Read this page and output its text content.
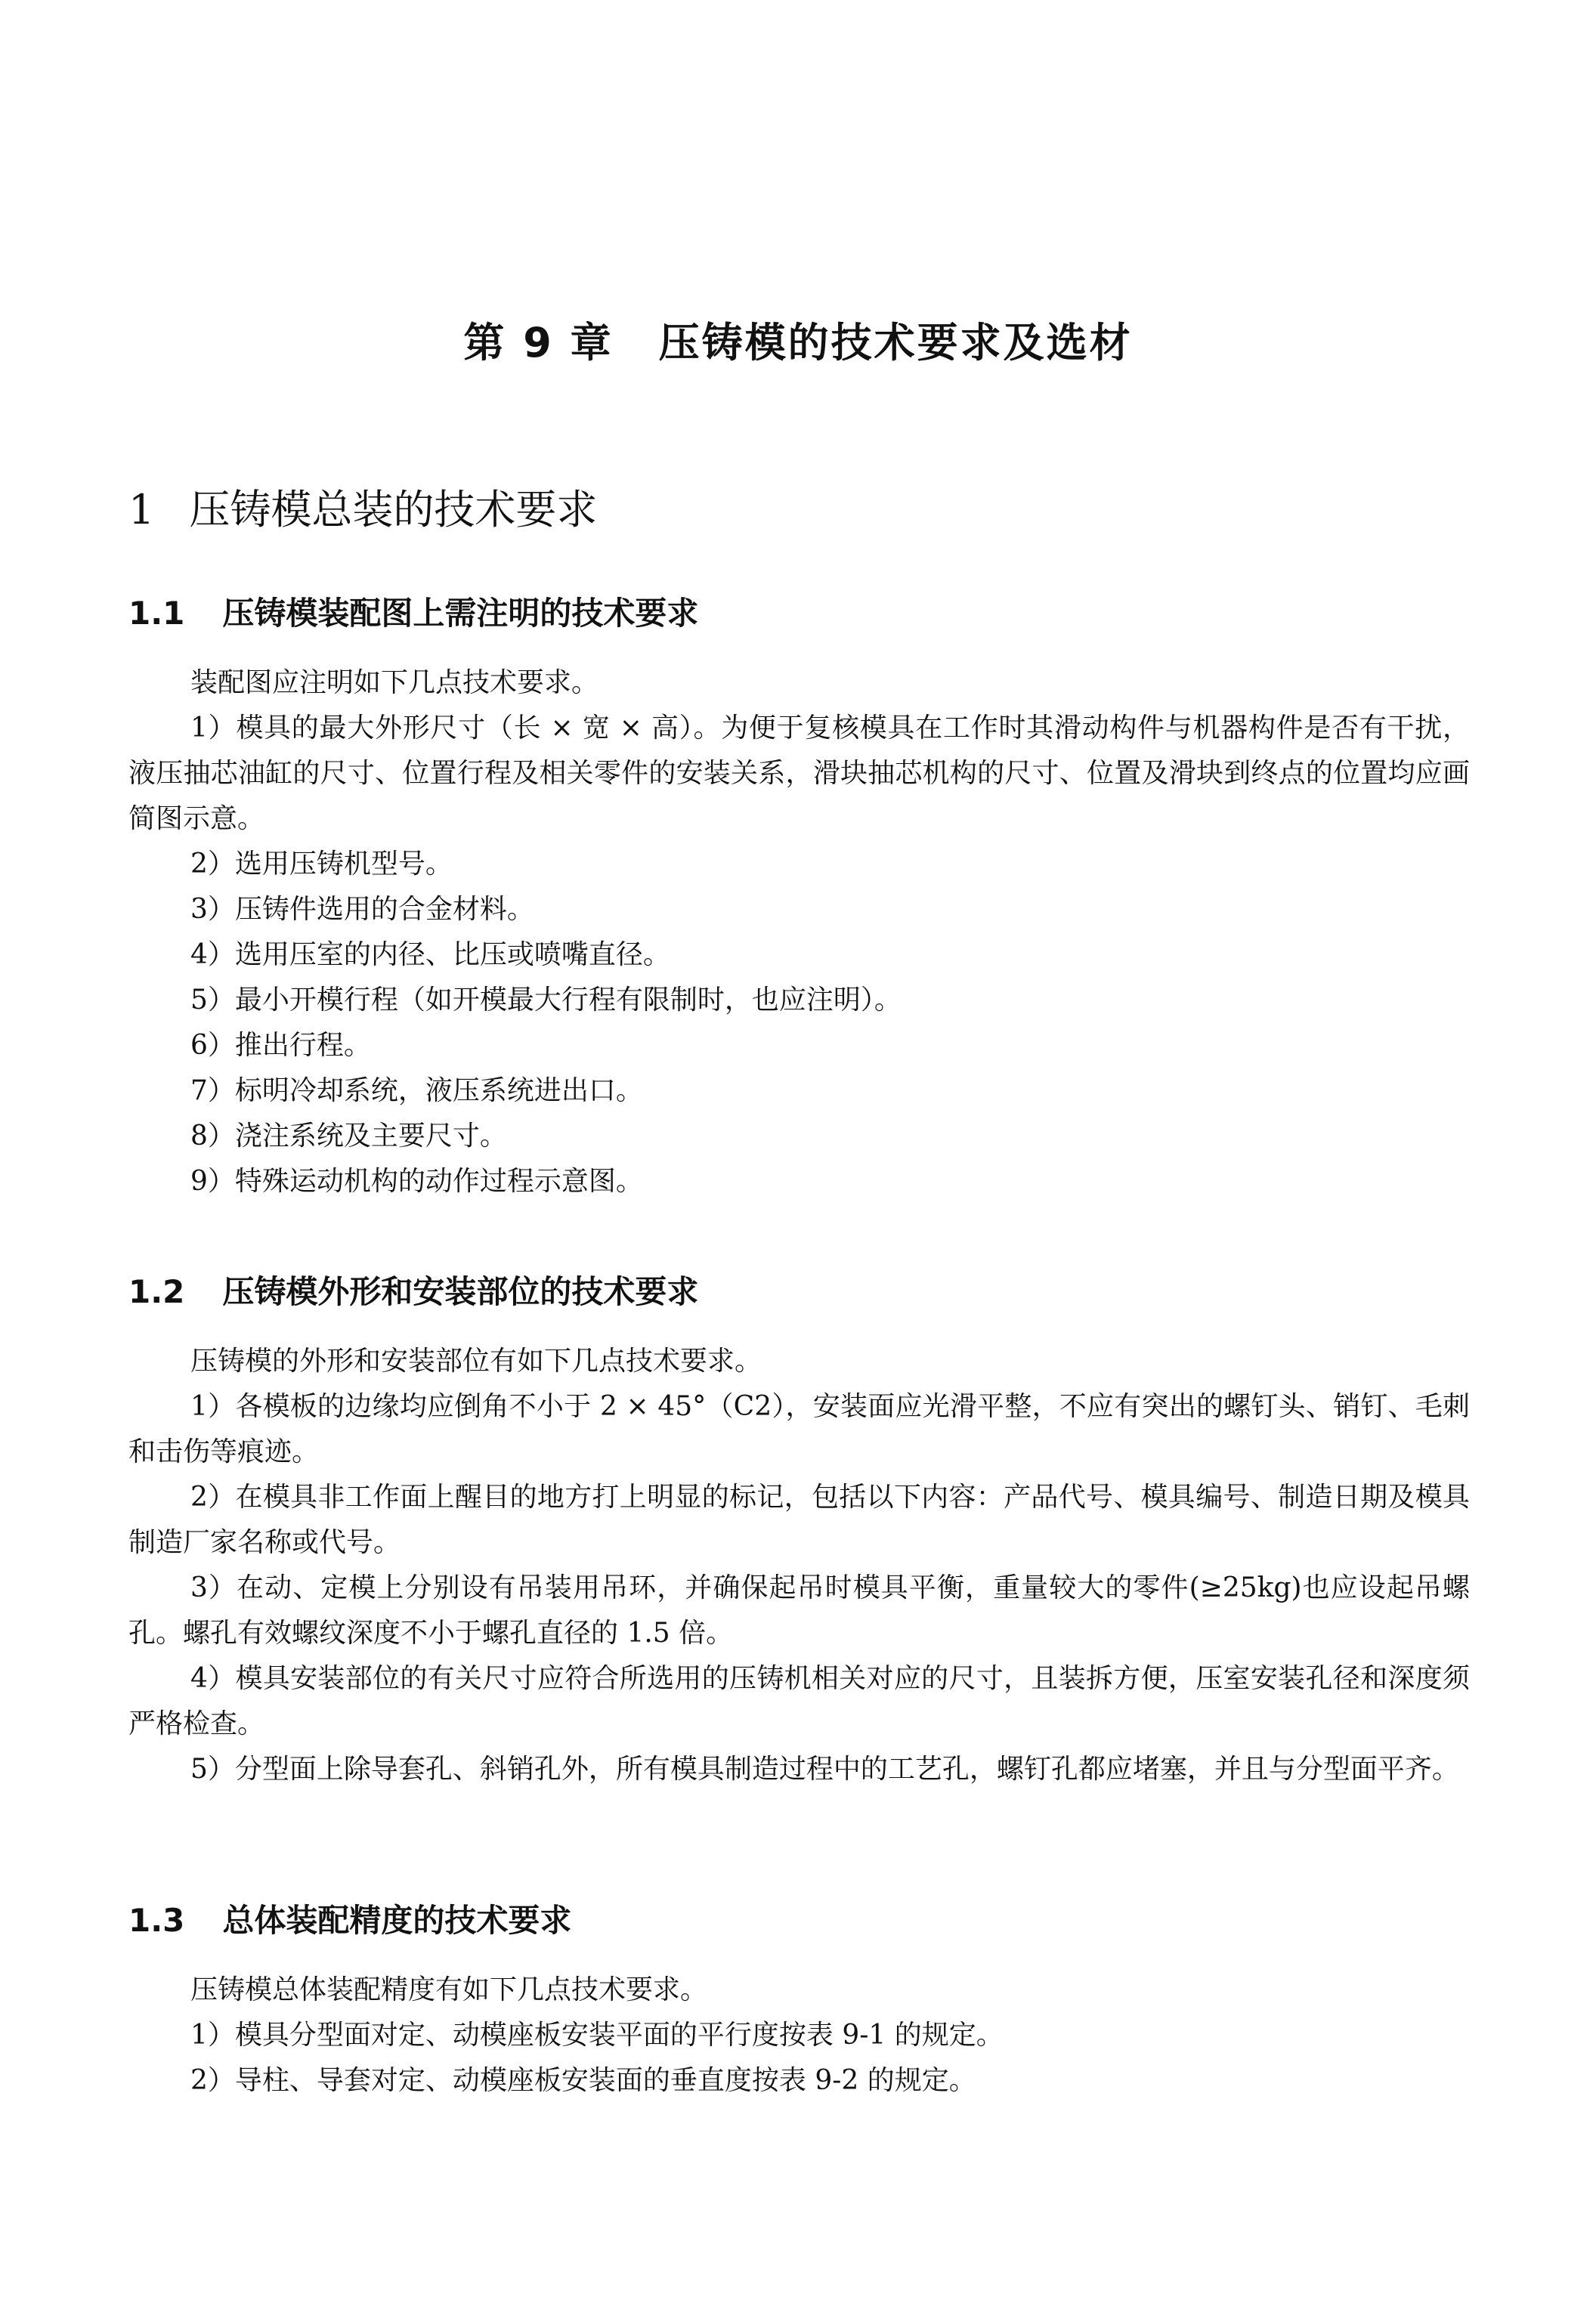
第 9 章 压铸模的技术要求及选材
1 压铸模总装的技术要求
1.1 压铸模装配图上需注明的技术要求

装配图应注明如下几点技术要求。

1）模具的最大外形尺寸（长 × 宽 × 高）。为便于复核模具在工作时其滑动构件与机器构件是否有干扰，液压抽芯油缸的尺寸、位置行程及相关零件的安装关系，滑块抽芯机构的尺寸、位置及滑块到终点的位置均应画简图示意。

2）选用压铸机型号。

3）压铸件选用的合金材料。

4）选用压室的内径、比压或喷嘴直径。

5）最小开模行程（如开模最大行程有限制时，也应注明）。

6）推出行程。

7）标明冷却系统，液压系统进出口。

8）浇注系统及主要尺寸。

9）特殊运动机构的动作过程示意图。

1.2 压铸模外形和安装部位的技术要求

压铸模的外形和安装部位有如下几点技术要求。

1）各模板的边缘均应倒角不小于 2 × 45°（C2），安装面应光滑平整，不应有突出的螺钉头、销钉、毛刺和击伤等痕迹。

2）在模具非工作面上醒目的地方打上明显的标记，包括以下内容：产品代号、模具编号、制造日期及模具制造厂家名称或代号。

3）在动、定模上分别设有吊装用吊环，并确保起吊时模具平衡，重量较大的零件(≥25kg)也应设起吊螺孔。螺孔有效螺纹深度不小于螺孔直径的 1.5 倍。

4）模具安装部位的有关尺寸应符合所选用的压铸机相关对应的尺寸，且装拆方便，压室安装孔径和深度须严格检查。

5）分型面上除导套孔、斜销孔外，所有模具制造过程中的工艺孔，螺钉孔都应堵塞，并且与分型面平齐。

1.3 总体装配精度的技术要求

压铸模总体装配精度有如下几点技术要求。

1）模具分型面对定、动模座板安装平面的平行度按表 9-1 的规定。

2）导柱、导套对定、动模座板安装面的垂直度按表 9-2 的规定。
